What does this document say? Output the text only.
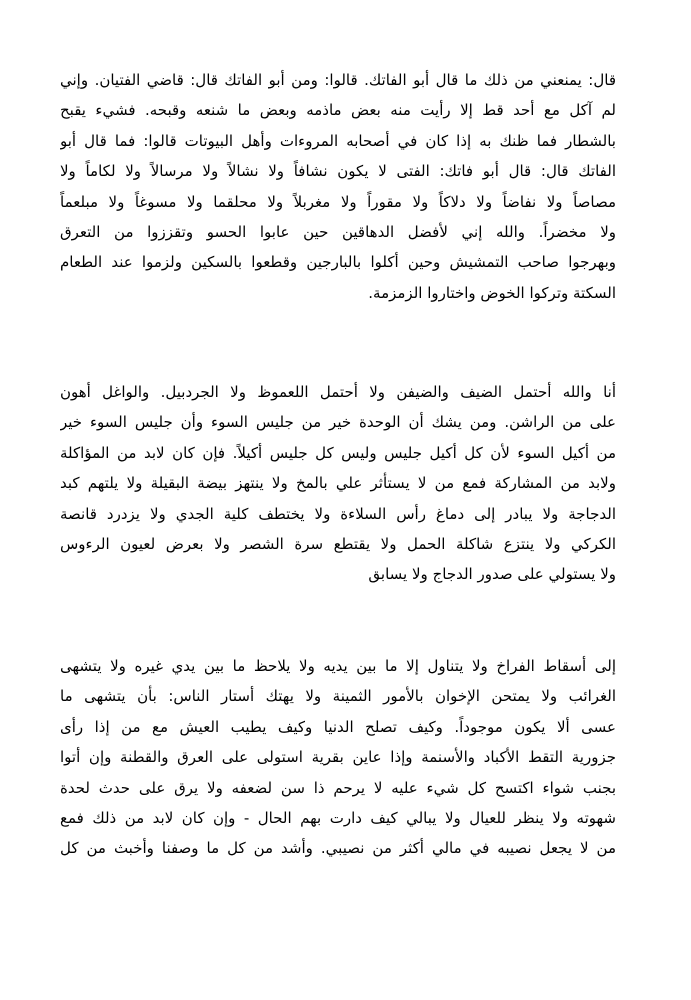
قال: يمنعني من ذلك ما قال أبو الفاتك. قالوا: ومن أبو الفاتك قال: قاضي الفتيان. وإني
لم آكل مع أحد قط إلا رأيت منه بعض ماذمه وبعض ما شنعه وقبحه. فشيء يقبح
بالشطار فما ظنك به إذا كان في أصحابه المروءات وأهل البيوتات قالوا: فما قال أبو
الفاتك قال: قال أبو فاتك: الفتى لا يكون نشافاً ولا نشالاً ولا مرسالاً ولا لكاماً ولا
مصاصاً ولا نفاضاً ولا دلاكاً ولا مقوراً ولا مغربلاً ولا محلقما ولا مسوغاً ولا مبلعماً
ولا مخضراً. والله إني لأفضل الدهاقين حين عابوا الحسو وتقززوا من التعرق
وبهرجوا صاحب التمشيش وحين أكلوا بالبارجين وقطعوا بالسكين ولزموا عند الطعام
السكتة وتركوا الخوض واختاروا الزمزمة.
أنا والله أحتمل الضيف والضيفن ولا أحتمل اللعموظ ولا الجردبيل. والواغل أهون
على من الراشن. ومن يشك أن الوحدة خير من جليس السوء وأن جليس السوء خير
من أكيل السوء لأن كل أكيل جليس وليس كل جليس أكيلاً. فإن كان لابد من المؤاكلة
ولابد من المشاركة فمع من لا يستأثر علي بالمخ ولا ينتهز بيضة البقيلة ولا يلتهم كبد
الدجاجة ولا يبادر إلى دماغ رأس السلاءة ولا يختطف كلية الجدي ولا يزدرد قانصة
الكركي ولا ينتزع شاكلة الحمل ولا يقتطع سرة الشصر ولا بعرض لعيون الرءوس
ولا يستولي على صدور الدجاج ولا يسابق
إلى أسقاط الفراخ ولا يتناول إلا ما بين يديه ولا يلاحظ ما بين يدي غيره ولا يتشهى
الغرائب ولا يمتحن الإخوان بالأمور الثمينة ولا يهتك أستار الناس: بأن يتشهى ما
عسى ألا يكون موجوداً. وكيف تصلح الدنيا وكيف يطيب العيش مع من إذا رأى
جزورية التقط الأكباد والأسنمة وإذا عاين بقرية استولى على العرق والقطنة وإن أتوا
بجنب شواء اكتسح كل شيء عليه لا يرحم ذا سن لضعفه ولا يرق على حدث لحدة
شهوته ولا ينظر للعيال ولا يبالي كيف دارت بهم الحال - وإن كان لابد من ذلك فمع
من لا يجعل نصيبه في مالي أكثر من نصيبي. وأشد من كل ما وصفنا وأخبث من كل
